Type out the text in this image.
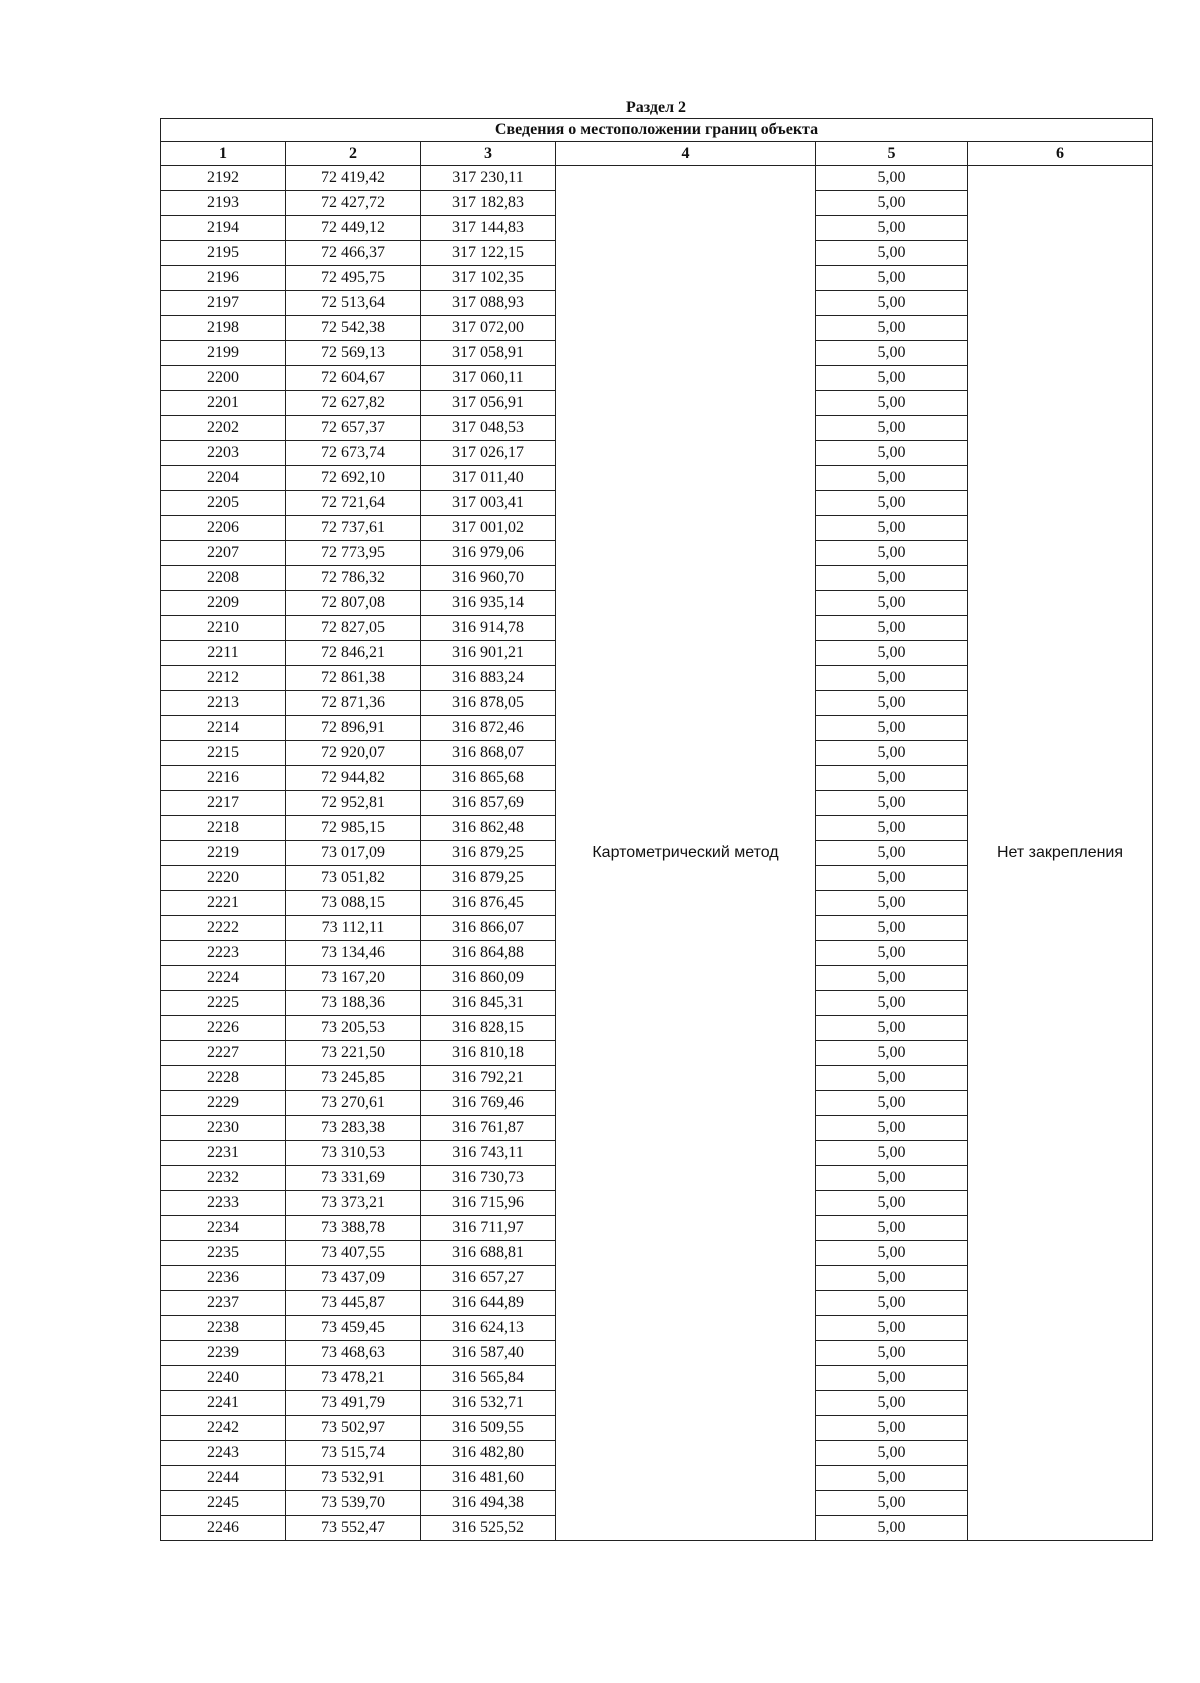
Раздел 2
Сведения о местоположении границ объекта					
1	2	3	4	5	6
2192	72 419,42	317 230,11	Картометрический метод	5,00	Нет закрепления
2193	72 427,72	317 182,83		5,00	
2194	72 449,12	317 144,83		5,00	
2195	72 466,37	317 122,15		5,00	
2196	72 495,75	317 102,35		5,00	
2197	72 513,64	317 088,93		5,00	
2198	72 542,38	317 072,00		5,00	
2199	72 569,13	317 058,91		5,00	
2200	72 604,67	317 060,11		5,00	
2201	72 627,82	317 056,91		5,00	
2202	72 657,37	317 048,53		5,00	
2203	72 673,74	317 026,17		5,00	
2204	72 692,10	317 011,40		5,00	
2205	72 721,64	317 003,41		5,00	
2206	72 737,61	317 001,02		5,00	
2207	72 773,95	316 979,06		5,00	
2208	72 786,32	316 960,70		5,00	
2209	72 807,08	316 935,14		5,00	
2210	72 827,05	316 914,78		5,00	
2211	72 846,21	316 901,21		5,00	
2212	72 861,38	316 883,24		5,00	
2213	72 871,36	316 878,05		5,00	
2214	72 896,91	316 872,46		5,00	
2215	72 920,07	316 868,07		5,00	
2216	72 944,82	316 865,68		5,00	
2217	72 952,81	316 857,69		5,00	
2218	72 985,15	316 862,48		5,00	
2219	73 017,09	316 879,25		5,00	
2220	73 051,82	316 879,25		5,00	
2221	73 088,15	316 876,45		5,00	
2222	73 112,11	316 866,07		5,00	
2223	73 134,46	316 864,88		5,00	
2224	73 167,20	316 860,09		5,00	
2225	73 188,36	316 845,31		5,00	
2226	73 205,53	316 828,15		5,00	
2227	73 221,50	316 810,18		5,00	
2228	73 245,85	316 792,21		5,00	
2229	73 270,61	316 769,46		5,00	
2230	73 283,38	316 761,87		5,00	
2231	73 310,53	316 743,11		5,00	
2232	73 331,69	316 730,73		5,00	
2233	73 373,21	316 715,96		5,00	
2234	73 388,78	316 711,97		5,00	
2235	73 407,55	316 688,81		5,00	
2236	73 437,09	316 657,27		5,00	
2237	73 445,87	316 644,89		5,00	
2238	73 459,45	316 624,13		5,00	
2239	73 468,63	316 587,40		5,00	
2240	73 478,21	316 565,84		5,00	
2241	73 491,79	316 532,71		5,00	
2242	73 502,97	316 509,55		5,00	
2243	73 515,74	316 482,80		5,00	
2244	73 532,91	316 481,60		5,00	
2245	73 539,70	316 494,38		5,00	
2246	73 552,47	316 525,52		5,00	
